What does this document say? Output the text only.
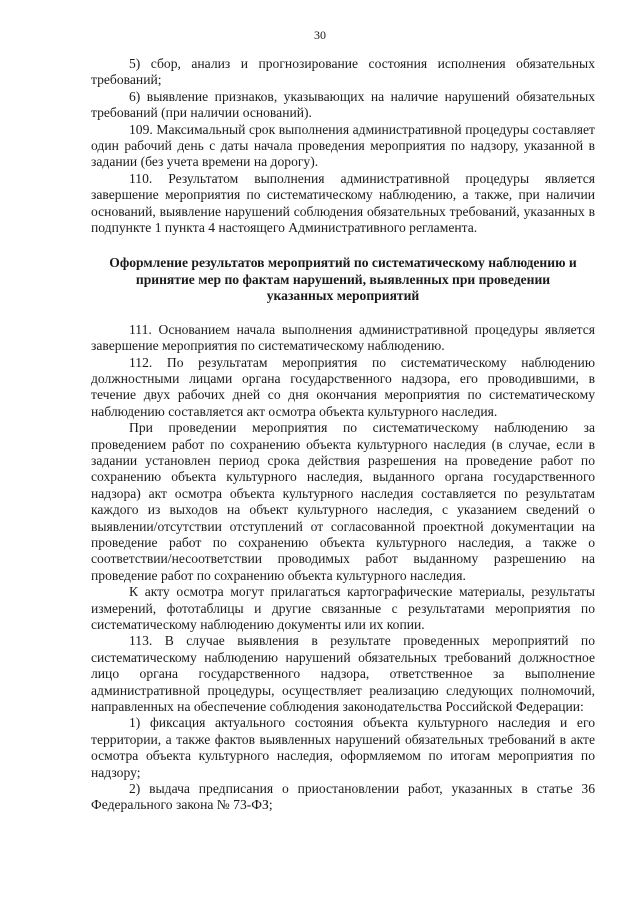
30

5) сбор, анализ и прогнозирование состояния исполнения обязательных требований;

6) выявление признаков, указывающих на наличие нарушений обязательных требований (при наличии оснований).

109. Максимальный срок выполнения административной процедуры составляет один рабочий день с даты начала проведения мероприятия по надзору, указанной в задании (без учета времени на дорогу).

110. Результатом выполнения административной процедуры является завершение мероприятия по систематическому наблюдению, а также, при наличии оснований, выявление нарушений соблюдения обязательных требований, указанных в подпункте 1 пункта 4 настоящего Административного регламента.

Оформление результатов мероприятий по систематическому наблюдению и принятие мер по фактам нарушений, выявленных при проведении указанных мероприятий

111. Основанием начала выполнения административной процедуры является завершение мероприятия по систематическому наблюдению.

112. По результатам мероприятия по систематическому наблюдению должностными лицами органа государственного надзора, его проводившими, в течение двух рабочих дней со дня окончания мероприятия по систематическому наблюдению составляется акт осмотра объекта культурного наследия.

При проведении мероприятия по систематическому наблюдению за проведением работ по сохранению объекта культурного наследия (в случае, если в задании установлен период срока действия разрешения на проведение работ по сохранению объекта культурного наследия, выданного органа государственного надзора) акт осмотра объекта культурного наследия составляется по результатам каждого из выходов на объект культурного наследия, с указанием сведений о выявлении/отсутствии отступлений от согласованной проектной документации на проведение работ по сохранению объекта культурного наследия, а также о соответствии/несоответствии проводимых работ выданному разрешению на проведение работ по сохранению объекта культурного наследия.

К акту осмотра могут прилагаться картографические материалы, результаты измерений, фототаблицы и другие связанные с результатами мероприятия по систематическому наблюдению документы или их копии.

113. В случае выявления в результате проведенных мероприятий по систематическому наблюдению нарушений обязательных требований должностное лицо органа государственного надзора, ответственное за выполнение административной процедуры, осуществляет реализацию следующих полномочий, направленных на обеспечение соблюдения законодательства Российской Федерации:

1) фиксация актуального состояния объекта культурного наследия и его территории, а также фактов выявленных нарушений обязательных требований в акте осмотра объекта культурного наследия, оформляемом по итогам мероприятия по надзору;

2) выдача предписания о приостановлении работ, указанных в статье 36 Федерального закона № 73-ФЗ;
